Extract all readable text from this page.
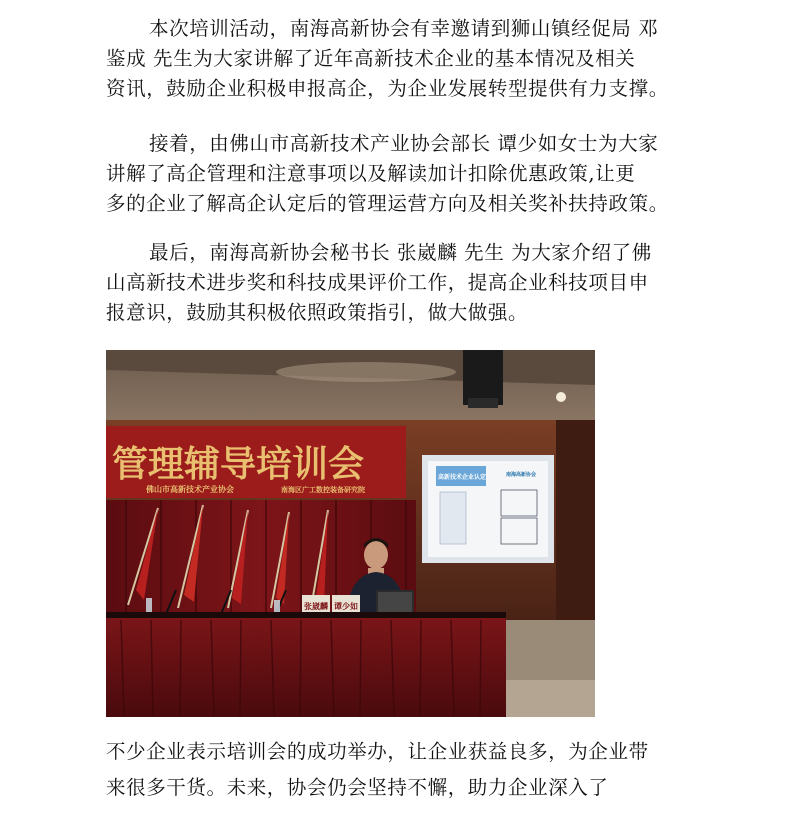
本次培训活动，南海高新协会有幸邀请到狮山镇经促局 邓
鉴成 先生为大家讲解了近年高新技术企业的基本情况及相关
资讯，鼓励企业积极申报高企，为企业发展转型提供有力支撑。

接着，由佛山市高新技术产业协会部长 谭少如女士为大家
讲解了高企管理和注意事项以及解读加计扣除优惠政策,让更
多的企业了解高企认定后的管理运营方向及相关奖补扶持政策。

最后，南海高新协会秘书长 张崴麟 先生 为大家介绍了佛
山高新技术进步奖和科技成果评价工作，提高企业科技项目申
报意识，鼓励其积极依照政策指引，做大做强。

管理辅导培训会
佛山市高新技术产业协会	南海区广工数控装备研究院
高新技术企业认定	南海高新协会
张崴麟 谭少如

不少企业表示培训会的成功举办，让企业获益良多，为企业带
来很多干货。未来，协会仍会坚持不懈，助力企业深入了
